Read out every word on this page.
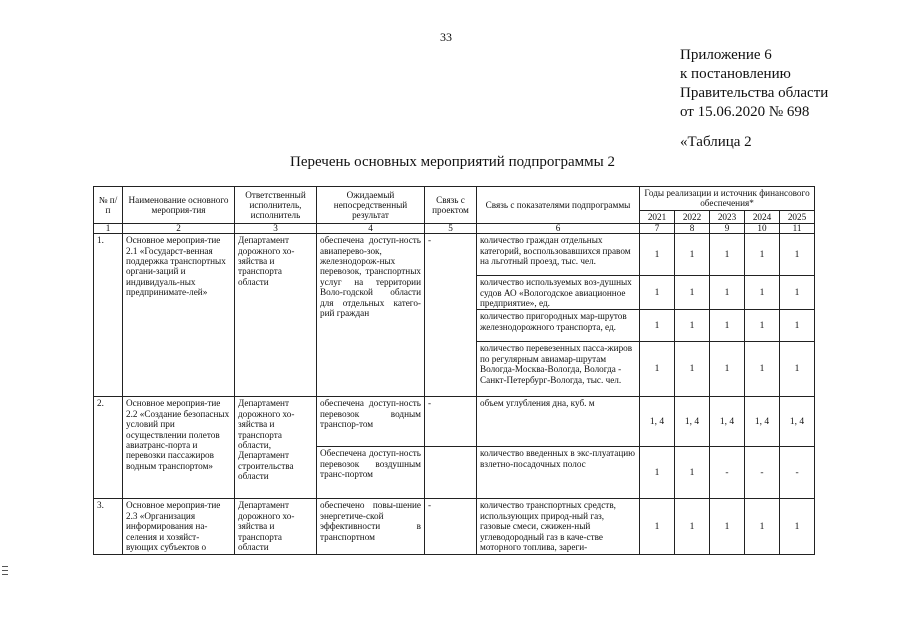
33
Приложение 6
к постановлению
Правительства области
от 15.06.2020 № 698
«Таблица 2
Перечень основных мероприятий подпрограммы 2
№ п/п	Наименование основного мероприя-тия	Ответственный исполнитель, исполнитель	Ожидаемый непосредственный результат	Связь с проектом	Связь с показателями подпрограммы	Годы реализации и источник финансового обеспечения*				
						2021	2022	2023	2024	2025
1	2	3	4	5	6	7	8	9	10	11
1.	Основное мероприя-тие 2.1 «Государст-венная поддержка транспортных органи-заций и индивидуаль-ных предпринимате-лей»	Департамент дорожного хо-зяйства и транспорта области	обеспечена доступ-ность авиаперево-зок, железнодорож-ных перевозок, транспортных услуг на территории Воло-годской области для отдельных катего-рий граждан	-	количество граждан отдельных категорий, воспользовавшихся правом на льготный проезд, тыс. чел.	1	1	1	1	1
					количество используемых воз-душных судов АО «Вологодское авиационное предприятие», ед.	1	1	1	1	1
					количество пригородных мар-шрутов железнодорожного транспорта, ед.	1	1	1	1	1
					количество перевезенных пасса-жиров по регулярным авиамар-шрутам Вологда-Москва-Вологда, Вологда - Санкт-Петербург-Вологда, тыс. чел.	1	1	1	1	1
2.	Основное мероприя-тие 2.2 «Создание безопасных условий при осуществлении полетов авиатранс-порта и перевозки пассажиров водным транспортом»	Департамент дорожного хо-зяйства и транспорта области, Департамент строительства области	обеспечена доступ-ность перевозок водным транспор-том	-	объем углубления дна, куб. м	1, 4	1, 4	1, 4	1, 4	1, 4
			Обеспечена доступ-ность перевозок воздушным транс-портом		количество введенных в экс-плуатацию взлетно-посадочных полос	1	1	-	-	-
3.	Основное мероприя-тие 2.3 «Организация информирования на-селения и хозяйст-вующих субъектов о	Департамент дорожного хо-зяйства и транспорта области	обеспечено повы-шение энергетиче-ской эффективности в транспортном	-	количество транспортных средств, использующих природ-ный газ, газовые смеси, сжижен-ный углеводородный газ в каче-стве моторного топлива, зареги-	1	1	1	1	1
